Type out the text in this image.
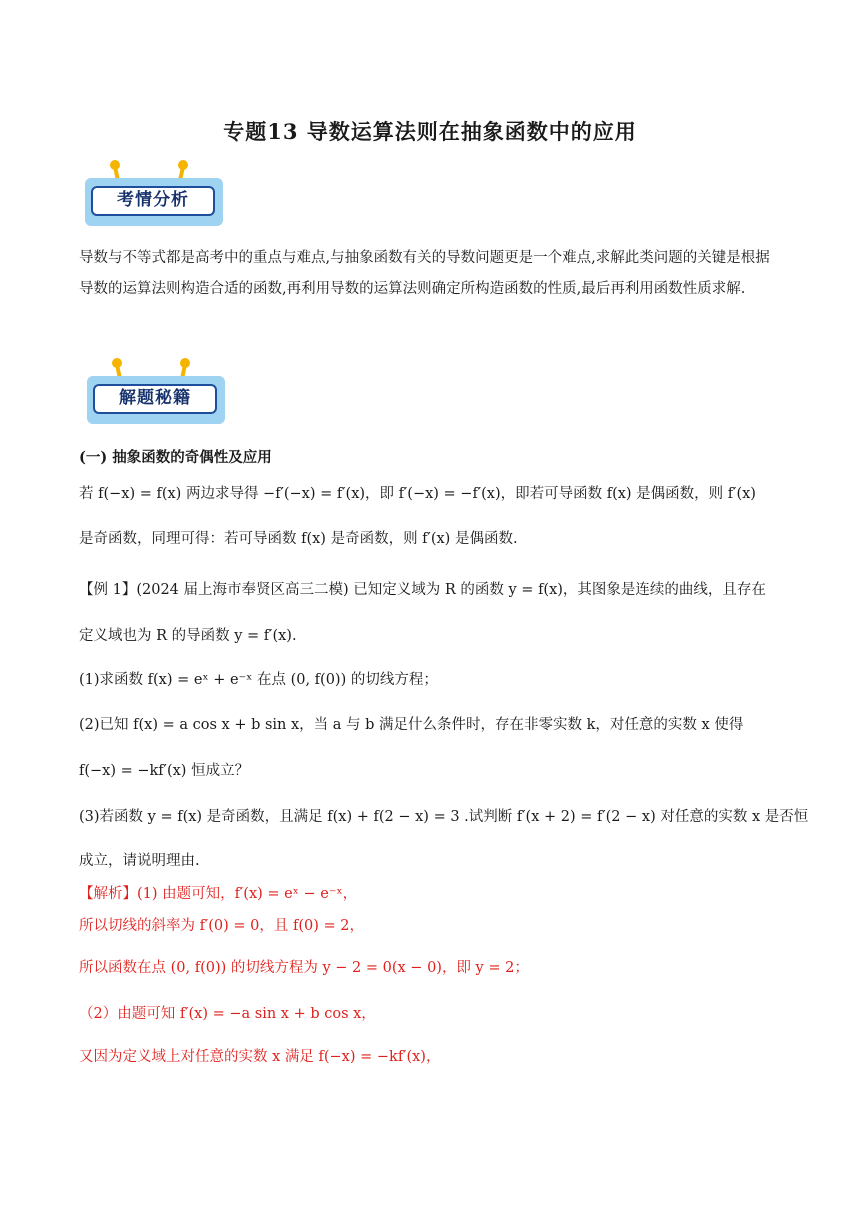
专题13 导数运算法则在抽象函数中的应用
考情分析
导数与不等式都是高考中的重点与难点,与抽象函数有关的导数问题更是一个难点,求解此类问题的关键是根据导数的运算法则构造合适的函数,再利用导数的运算法则确定所构造函数的性质,最后再利用函数性质求解.
解题秘籍
(一) 抽象函数的奇偶性及应用
若 f(−x) = f(x) 两边求导得 −f′(−x) = f′(x)，即 f′(−x) = −f′(x)，即若可导函数 f(x) 是偶函数，则 f′(x)
是奇函数，同理可得：若可导函数 f(x) 是奇函数，则 f′(x) 是偶函数.
【例 1】(2024 届上海市奉贤区高三二模) 已知定义域为 R 的函数 y = f(x)，其图象是连续的曲线，且存在
定义域也为 R 的导函数 y = f′(x).
(1)求函数 f(x) = eˣ + e⁻ˣ 在点 (0, f(0)) 的切线方程；
(2)已知 f(x) = a cos x + b sin x，当 a 与 b 满足什么条件时，存在非零实数 k，对任意的实数 x 使得
f(−x) = −kf′(x) 恒成立？
(3)若函数 y = f(x) 是奇函数，且满足 f(x) + f(2 − x) = 3 .试判断 f′(x + 2) = f′(2 − x) 对任意的实数 x 是否恒
成立，请说明理由.
【解析】(1) 由题可知，f′(x) = eˣ − e⁻ˣ，
所以切线的斜率为 f′(0) = 0，且 f(0) = 2，
所以函数在点 (0, f(0)) 的切线方程为 y − 2 = 0(x − 0)，即 y = 2；
（2）由题可知 f′(x) = −a sin x + b cos x，
又因为定义域上对任意的实数 x 满足 f(−x) = −kf′(x)，
